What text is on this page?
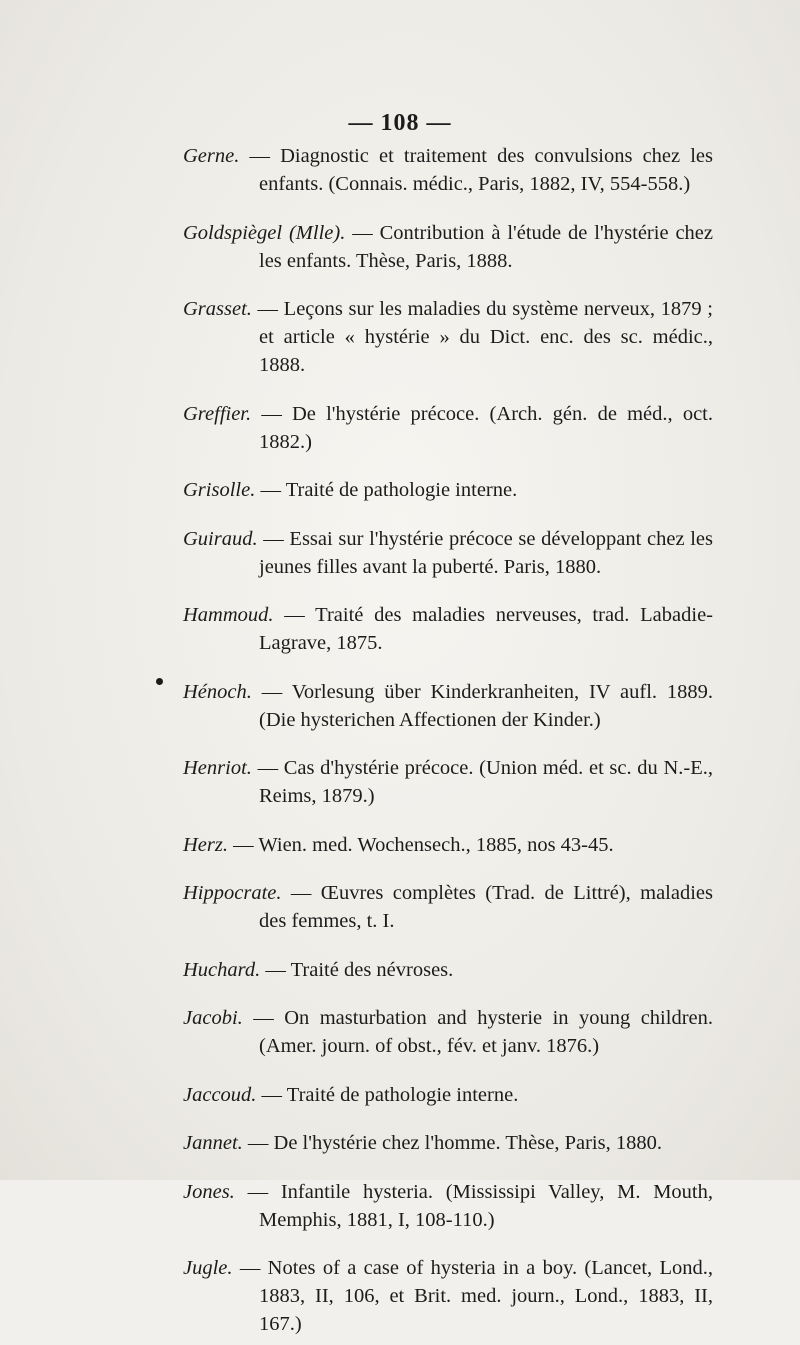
— 108 —

Gerne. — Diagnostic et traitement des convulsions chez les enfants. (Connais. médic., Paris, 1882, IV, 554-558.)

Goldspiègel (Mlle). — Contribution à l'étude de l'hystérie chez les enfants. Thèse, Paris, 1888.

Grasset. — Leçons sur les maladies du système nerveux, 1879 ; et article « hystérie » du Dict. enc. des sc. médic., 1888.

Greffier. — De l'hystérie précoce. (Arch. gén. de méd., oct. 1882.)

Grisolle. — Traité de pathologie interne.

Guiraud. — Essai sur l'hystérie précoce se développant chez les jeunes filles avant la puberté. Paris, 1880.

Hammoud. — Traité des maladies nerveuses, trad. Labadie-Lagrave, 1875.

Hénoch. — Vorlesung über Kinderkranheiten, IV aufl. 1889. (Die hysterichen Affectionen der Kinder.)

Henriot. — Cas d'hystérie précoce. (Union méd. et sc. du N.-E., Reims, 1879.)

Herz. — Wien. med. Wochensech., 1885, nos 43-45.

Hippocrate. — Œuvres complètes (Trad. de Littré), maladies des femmes, t. I.

Huchard. — Traité des névroses.

Jacobi. — On masturbation and hysterie in young children. (Amer. journ. of obst., fév. et janv. 1876.)

Jaccoud. — Traité de pathologie interne.

Jannet. — De l'hystérie chez l'homme. Thèse, Paris, 1880.

Jones. — Infantile hysteria. (Mississipi Valley, M. Mouth, Memphis, 1881, I, 108-110.)

Jugle. — Notes of a case of hysteria in a boy. (Lancet, Lond., 1883, II, 106, et Brit. med. journ., Lond., 1883, II, 167.)
